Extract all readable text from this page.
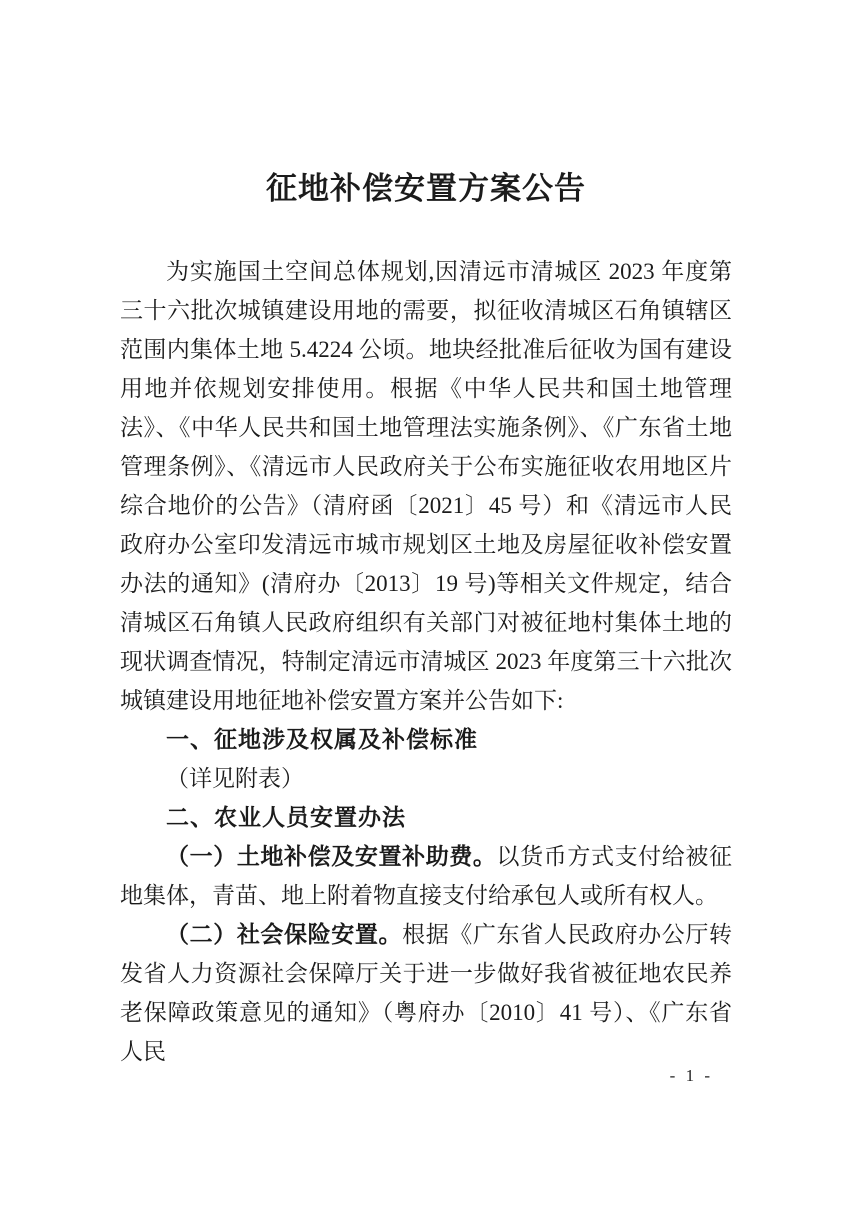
征地补偿安置方案公告

为实施国土空间总体规划,因清远市清城区 2023 年度第三十六批次城镇建设用地的需要，拟征收清城区石角镇辖区范围内集体土地 5.4224 公顷。地块经批准后征收为国有建设用地并依规划安排使用。根据《中华人民共和国土地管理法》、《中华人民共和国土地管理法实施条例》、《广东省土地管理条例》、《清远市人民政府关于公布实施征收农用地区片综合地价的公告》（清府函〔2021〕45 号）和《清远市人民政府办公室印发清远市城市规划区土地及房屋征收补偿安置办法的通知》(清府办〔2013〕19 号)等相关文件规定，结合清城区石角镇人民政府组织有关部门对被征地村集体土地的现状调查情况，特制定清远市清城区 2023 年度第三十六批次城镇建设用地征地补偿安置方案并公告如下:

一、征地涉及权属及补偿标准

（详见附表）

二、农业人员安置办法

（一）土地补偿及安置补助费。以货币方式支付给被征地集体，青苗、地上附着物直接支付给承包人或所有权人。

（二）社会保险安置。根据《广东省人民政府办公厅转发省人力资源社会保障厅关于进一步做好我省被征地农民养老保障政策意见的通知》（粤府办〔2010〕41 号）、《广东省人民

- 1 -
